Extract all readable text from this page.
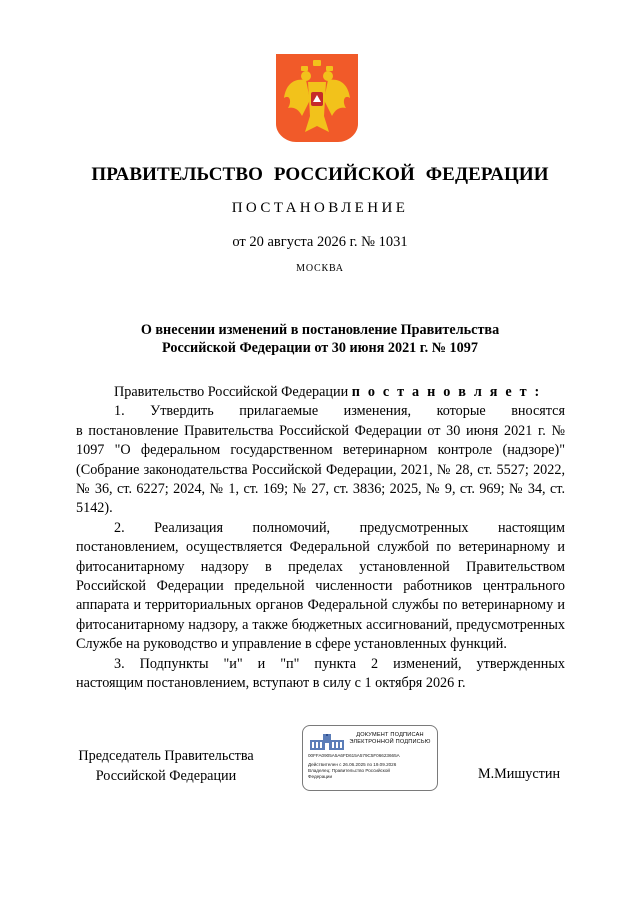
ПРАВИТЕЛЬСТВО РОССИЙСКОЙ ФЕДЕРАЦИИ
ПОСТАНОВЛЕНИЕ
от 20 августа 2026 г. № 1031
МОСКВА
О внесении изменений в постановление Правительства
Российской Федерации от 30 июня 2021 г. № 1097

Правительство Российской Федерации п о с т а н о в л я е т :

1. Утвердить прилагаемые изменения, которые вносятся
в постановление Правительства Российской Федерации от 30 июня 2021 г. № 1097 "О федеральном государственном ветеринарном контроле (надзоре)" (Собрание законодательства Российской Федерации, 2021, № 28, ст. 5527; 2022, № 36, ст. 6227; 2024, № 1, ст. 169; № 27, ст. 3836; 2025, № 9, ст. 969; № 34, ст. 5142).

2. Реализация полномочий, предусмотренных настоящим
постановлением, осуществляется Федеральной службой по ветеринарному и фитосанитарному надзору в пределах установленной Правительством Российской Федерации предельной численности работников центрального аппарата и территориальных органов Федеральной службы по ветеринарному и фитосанитарному надзору, а также бюджетных ассигнований, предусмотренных Службе на руководство и управление в сфере установленных функций.

3. Подпункты "и" и "п" пункта 2 изменений, утвержденных
настоящим постановлением, вступают в силу с 1 октября 2026 г.

Председатель Правительства
Российской Федерации
ДОКУМЕНТ ПОДПИСАН
ЭЛЕКТРОННОЙ ПОДПИСЬЮ
00FFA0905A5A6FD615A579C5F06623665A
Действителен с 26.06.2025 по 19.09.2026
Владелец: Правительство Российской
Федерации	М.Мишустин
